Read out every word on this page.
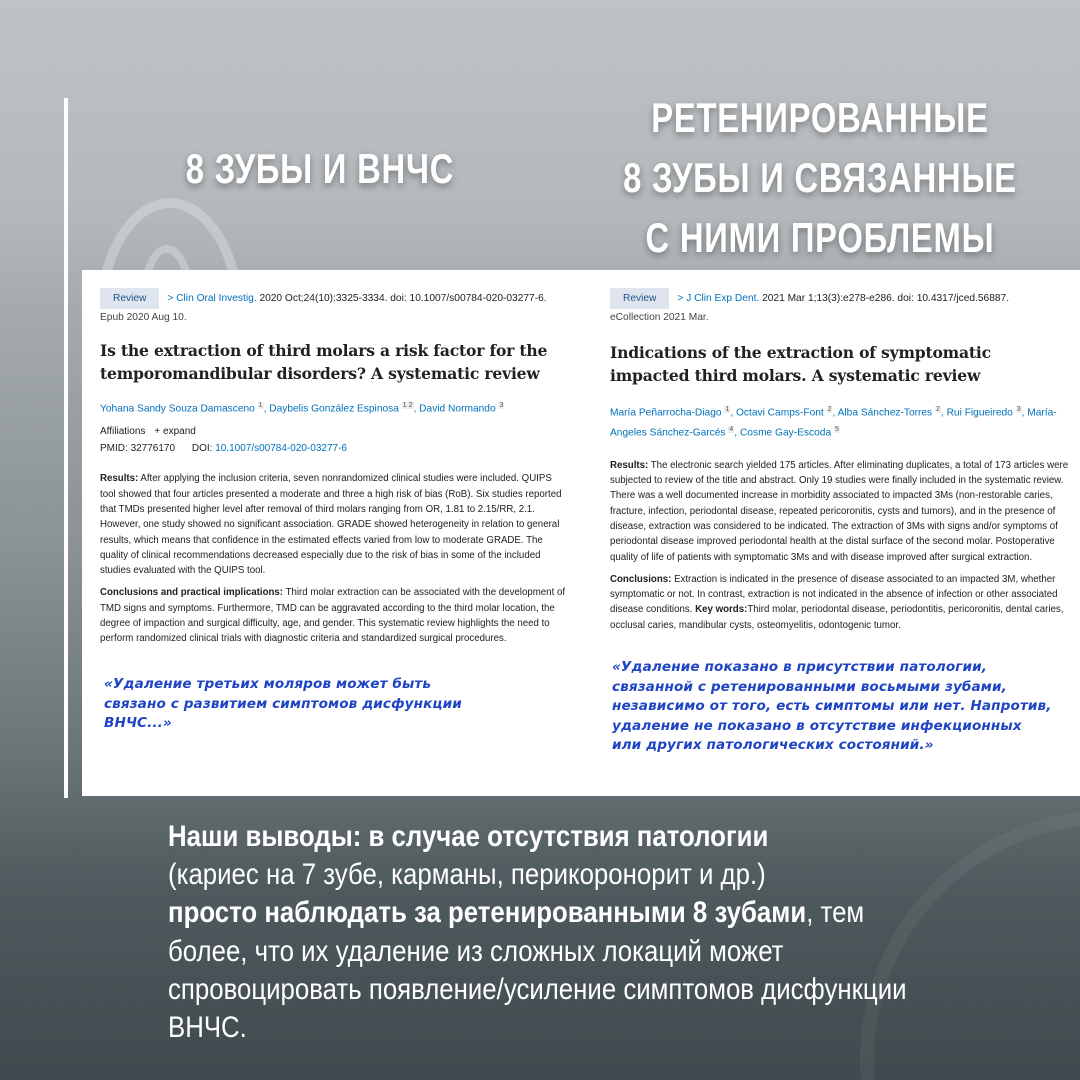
8 ЗУБЫ И ВНЧС
РЕТЕНИРОВАННЫЕ
8 ЗУБЫ И СВЯЗАННЫЕ
С НИМИ ПРОБЛЕМЫ
Review > Clin Oral Investig. 2020 Oct;24(10):3325-3334. doi: 10.1007/s00784-020-03277-6.
Epub 2020 Aug 10.
Is the extraction of third molars a risk factor for the temporomandibular disorders? A systematic review
Yohana Sandy Souza Damasceno $^1$, Daybelis González Espinosa $^{1 2}$, David Normando $^3$
Affiliations + expand
PMID: 32776170 DOI: 10.1007/s00784-020-03277-6

Results: After applying the inclusion criteria, seven nonrandomized clinical studies were included. QUIPS tool showed that four articles presented a moderate and three a high risk of bias (RoB). Six studies reported that TMDs presented higher level after removal of third molars ranging from OR, 1.81 to 2.15/RR, 2.1. However, one study showed no significant association. GRADE showed heterogeneity in relation to general results, which means that confidence in the estimated effects varied from low to moderate GRADE. The quality of clinical recommendations decreased especially due to the risk of bias in some of the included studies evaluated with the QUIPS tool.

Conclusions and practical implications: Third molar extraction can be associated with the development of TMD signs and symptoms. Furthermore, TMD can be aggravated according to the third molar location, the degree of impaction and surgical difficulty, age, and gender. This systematic review highlights the need to perform randomized clinical trials with diagnostic criteria and standardized surgical procedures.

«Удаление третьих моляров может быть связано с развитием симптомов дисфункции ВНЧС...»
Review > J Clin Exp Dent. 2021 Mar 1;13(3):e278-e286. doi: 10.4317/jced.56887.
eCollection 2021 Mar.
Indications of the extraction of symptomatic impacted third molars. A systematic review
María Peñarrocha-Diago $^1$, Octavi Camps-Font $^2$, Alba Sánchez-Torres $^2$, Rui Figueiredo $^3$, María-Angeles Sánchez-Garcés $^4$, Cosme Gay-Escoda $^5$

Results: The electronic search yielded 175 articles. After eliminating duplicates, a total of 173 articles were subjected to review of the title and abstract. Only 19 studies were finally included in the systematic review. There was a well documented increase in morbidity associated to impacted 3Ms (non-restorable caries, fracture, infection, periodontal disease, repeated pericoronitis, cysts and tumors), and in the presence of disease, extraction was considered to be indicated. The extraction of 3Ms with signs and/or symptoms of periodontal disease improved periodontal health at the distal surface of the second molar. Postoperative quality of life of patients with symptomatic 3Ms and with disease improved after surgical extraction.

Conclusions: Extraction is indicated in the presence of disease associated to an impacted 3M, whether symptomatic or not. In contrast, extraction is not indicated in the absence of infection or other associated disease conditions. Key words:Third molar, periodontal disease, periodontitis, pericoronitis, dental caries, occlusal caries, mandibular cysts, osteomyelitis, odontogenic tumor.

«Удаление показано в присутствии патологии, связанной с ретенированными восьмыми зубами, независимо от того, есть симптомы или нет. Напротив, удаление не показано в отсутствие инфекционных или других патологических состояний.»
Наши выводы: в случае отсутствия патологии
(кариес на 7 зубе, карманы, перикоронорит и др.)
просто наблюдать за ретенированными 8 зубами, тем более, что их удаление из сложных локаций может спровоцировать появление/усиление симптомов дисфункции ВНЧС.
